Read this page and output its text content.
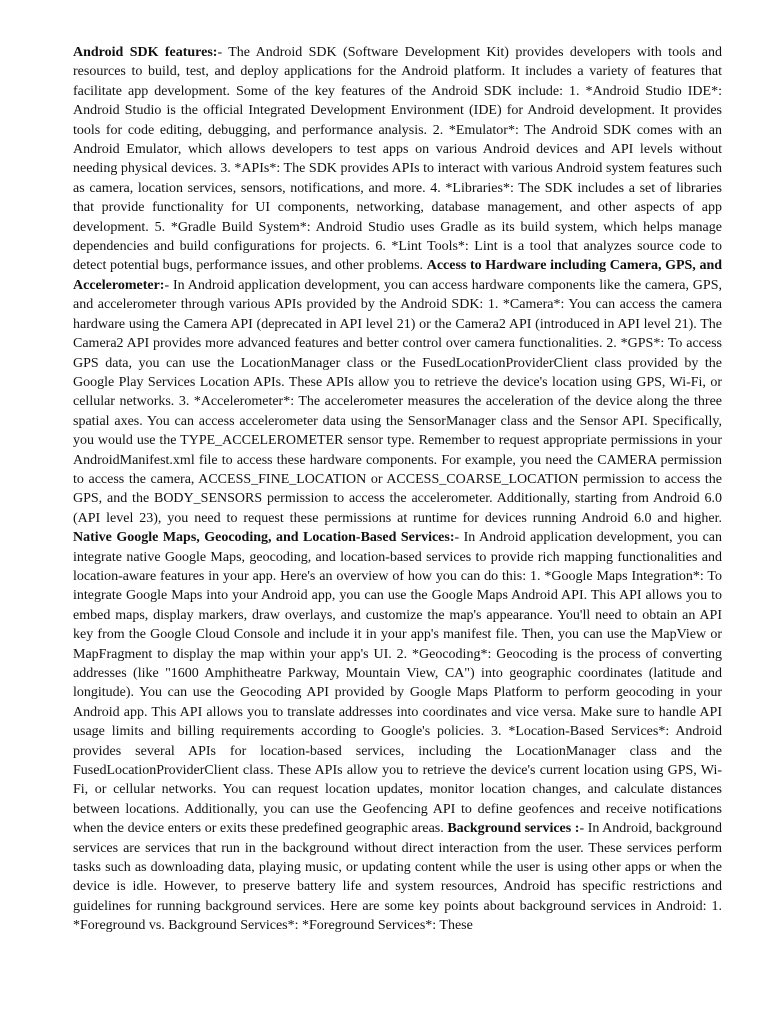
Android SDK features:- The Android SDK (Software Development Kit) provides developers with tools and resources to build, test, and deploy applications for the Android platform. It includes a variety of features that facilitate app development. Some of the key features of the Android SDK include: 1. *Android Studio IDE*: Android Studio is the official Integrated Development Environment (IDE) for Android development. It provides tools for code editing, debugging, and performance analysis. 2. *Emulator*: The Android SDK comes with an Android Emulator, which allows developers to test apps on various Android devices and API levels without needing physical devices. 3. *APIs*: The SDK provides APIs to interact with various Android system features such as camera, location services, sensors, notifications, and more. 4. *Libraries*: The SDK includes a set of libraries that provide functionality for UI components, networking, database management, and other aspects of app development. 5. *Gradle Build System*: Android Studio uses Gradle as its build system, which helps manage dependencies and build configurations for projects. 6. *Lint Tools*: Lint is a tool that analyzes source code to detect potential bugs, performance issues, and other problems. Access to Hardware including Camera, GPS, and Accelerometer:- In Android application development, you can access hardware components like the camera, GPS, and accelerometer through various APIs provided by the Android SDK: 1. *Camera*: You can access the camera hardware using the Camera API (deprecated in API level 21) or the Camera2 API (introduced in API level 21). The Camera2 API provides more advanced features and better control over camera functionalities. 2. *GPS*: To access GPS data, you can use the LocationManager class or the FusedLocationProviderClient class provided by the Google Play Services Location APIs. These APIs allow you to retrieve the device's location using GPS, Wi-Fi, or cellular networks. 3. *Accelerometer*: The accelerometer measures the acceleration of the device along the three spatial axes. You can access accelerometer data using the SensorManager class and the Sensor API. Specifically, you would use the TYPE_ACCELEROMETER sensor type. Remember to request appropriate permissions in your AndroidManifest.xml file to access these hardware components. For example, you need the CAMERA permission to access the camera, ACCESS_FINE_LOCATION or ACCESS_COARSE_LOCATION permission to access the GPS, and the BODY_SENSORS permission to access the accelerometer. Additionally, starting from Android 6.0 (API level 23), you need to request these permissions at runtime for devices running Android 6.0 and higher. Native Google Maps, Geocoding, and Location-Based Services:- In Android application development, you can integrate native Google Maps, geocoding, and location-based services to provide rich mapping functionalities and location-aware features in your app. Here's an overview of how you can do this: 1. *Google Maps Integration*: To integrate Google Maps into your Android app, you can use the Google Maps Android API. This API allows you to embed maps, display markers, draw overlays, and customize the map's appearance. You'll need to obtain an API key from the Google Cloud Console and include it in your app's manifest file. Then, you can use the MapView or MapFragment to display the map within your app's UI. 2. *Geocoding*: Geocoding is the process of converting addresses (like "1600 Amphitheatre Parkway, Mountain View, CA") into geographic coordinates (latitude and longitude). You can use the Geocoding API provided by Google Maps Platform to perform geocoding in your Android app. This API allows you to translate addresses into coordinates and vice versa. Make sure to handle API usage limits and billing requirements according to Google's policies. 3. *Location-Based Services*: Android provides several APIs for location-based services, including the LocationManager class and the FusedLocationProviderClient class. These APIs allow you to retrieve the device's current location using GPS, Wi-Fi, or cellular networks. You can request location updates, monitor location changes, and calculate distances between locations. Additionally, you can use the Geofencing API to define geofences and receive notifications when the device enters or exits these predefined geographic areas. Background services :- In Android, background services are services that run in the background without direct interaction from the user. These services perform tasks such as downloading data, playing music, or updating content while the user is using other apps or when the device is idle. However, to preserve battery life and system resources, Android has specific restrictions and guidelines for running background services. Here are some key points about background services in Android: 1. *Foreground vs. Background Services*: *Foreground Services*: These
